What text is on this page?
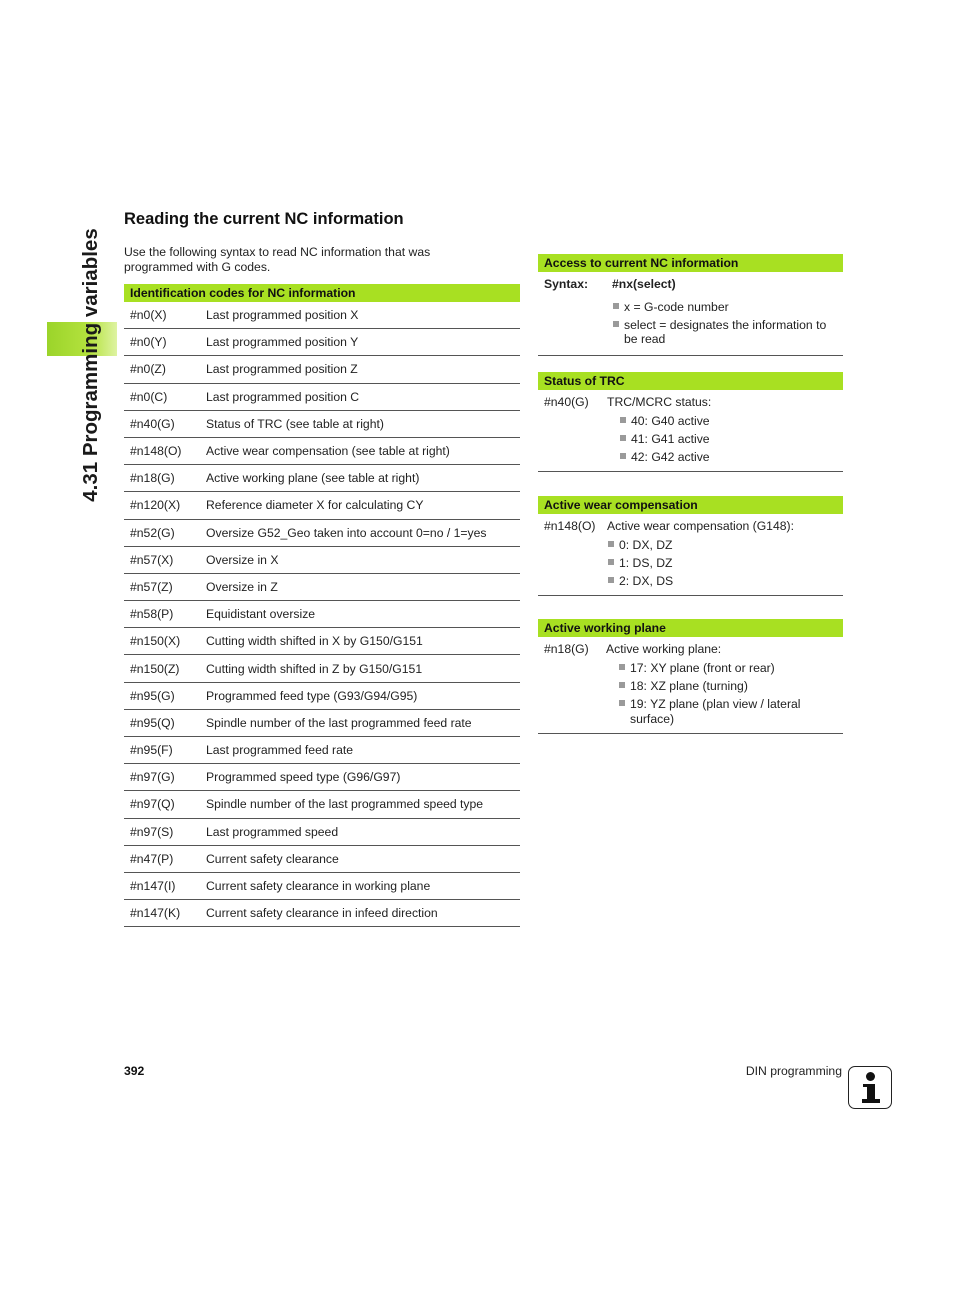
4.31 Programming variables
Reading the current NC information
Use the following syntax to read NC information that was
programmed with G codes.
Identification codes for NC information
#n0(X)	Last programmed position X
#n0(Y)	Last programmed position Y
#n0(Z)	Last programmed position Z
#n0(C)	Last programmed position C
#n40(G)	Status of TRC (see table at right)
#n148(O)	Active wear compensation (see table at right)
#n18(G)	Active working plane (see table at right)
#n120(X)	Reference diameter X for calculating CY
#n52(G)	Oversize G52_Geo taken into account 0=no / 1=yes
#n57(X)	Oversize in X
#n57(Z)	Oversize in Z
#n58(P)	Equidistant oversize
#n150(X)	Cutting width shifted in X by G150/G151
#n150(Z)	Cutting width shifted in Z by G150/G151
#n95(G)	Programmed feed type (G93/G94/G95)
#n95(Q)	Spindle number of the last programmed feed rate
#n95(F)	Last programmed feed rate
#n97(G)	Programmed speed type (G96/G97)
#n97(Q)	Spindle number of the last programmed speed type
#n97(S)	Last programmed speed
#n47(P)	Current safety clearance
#n147(I)	Current safety clearance in working plane
#n147(K)	Current safety clearance in infeed direction
Access to current NC information
Syntax:	#nx(select)
x = G-code number
select = designates the information to be read
Status of TRC
#n40(G)	TRC/MCRC status:
40: G40 active
41: G41 active
42: G42 active
Active wear compensation
#n148(O) Active wear compensation (G148):
0: DX, DZ
1: DS, DZ
2: DX, DS
Active working plane
#n18(G)	Active working plane:
17: XY plane (front or rear)
18: XZ plane (turning)
19: YZ plane (plan view / lateral surface)
392	DIN programming
